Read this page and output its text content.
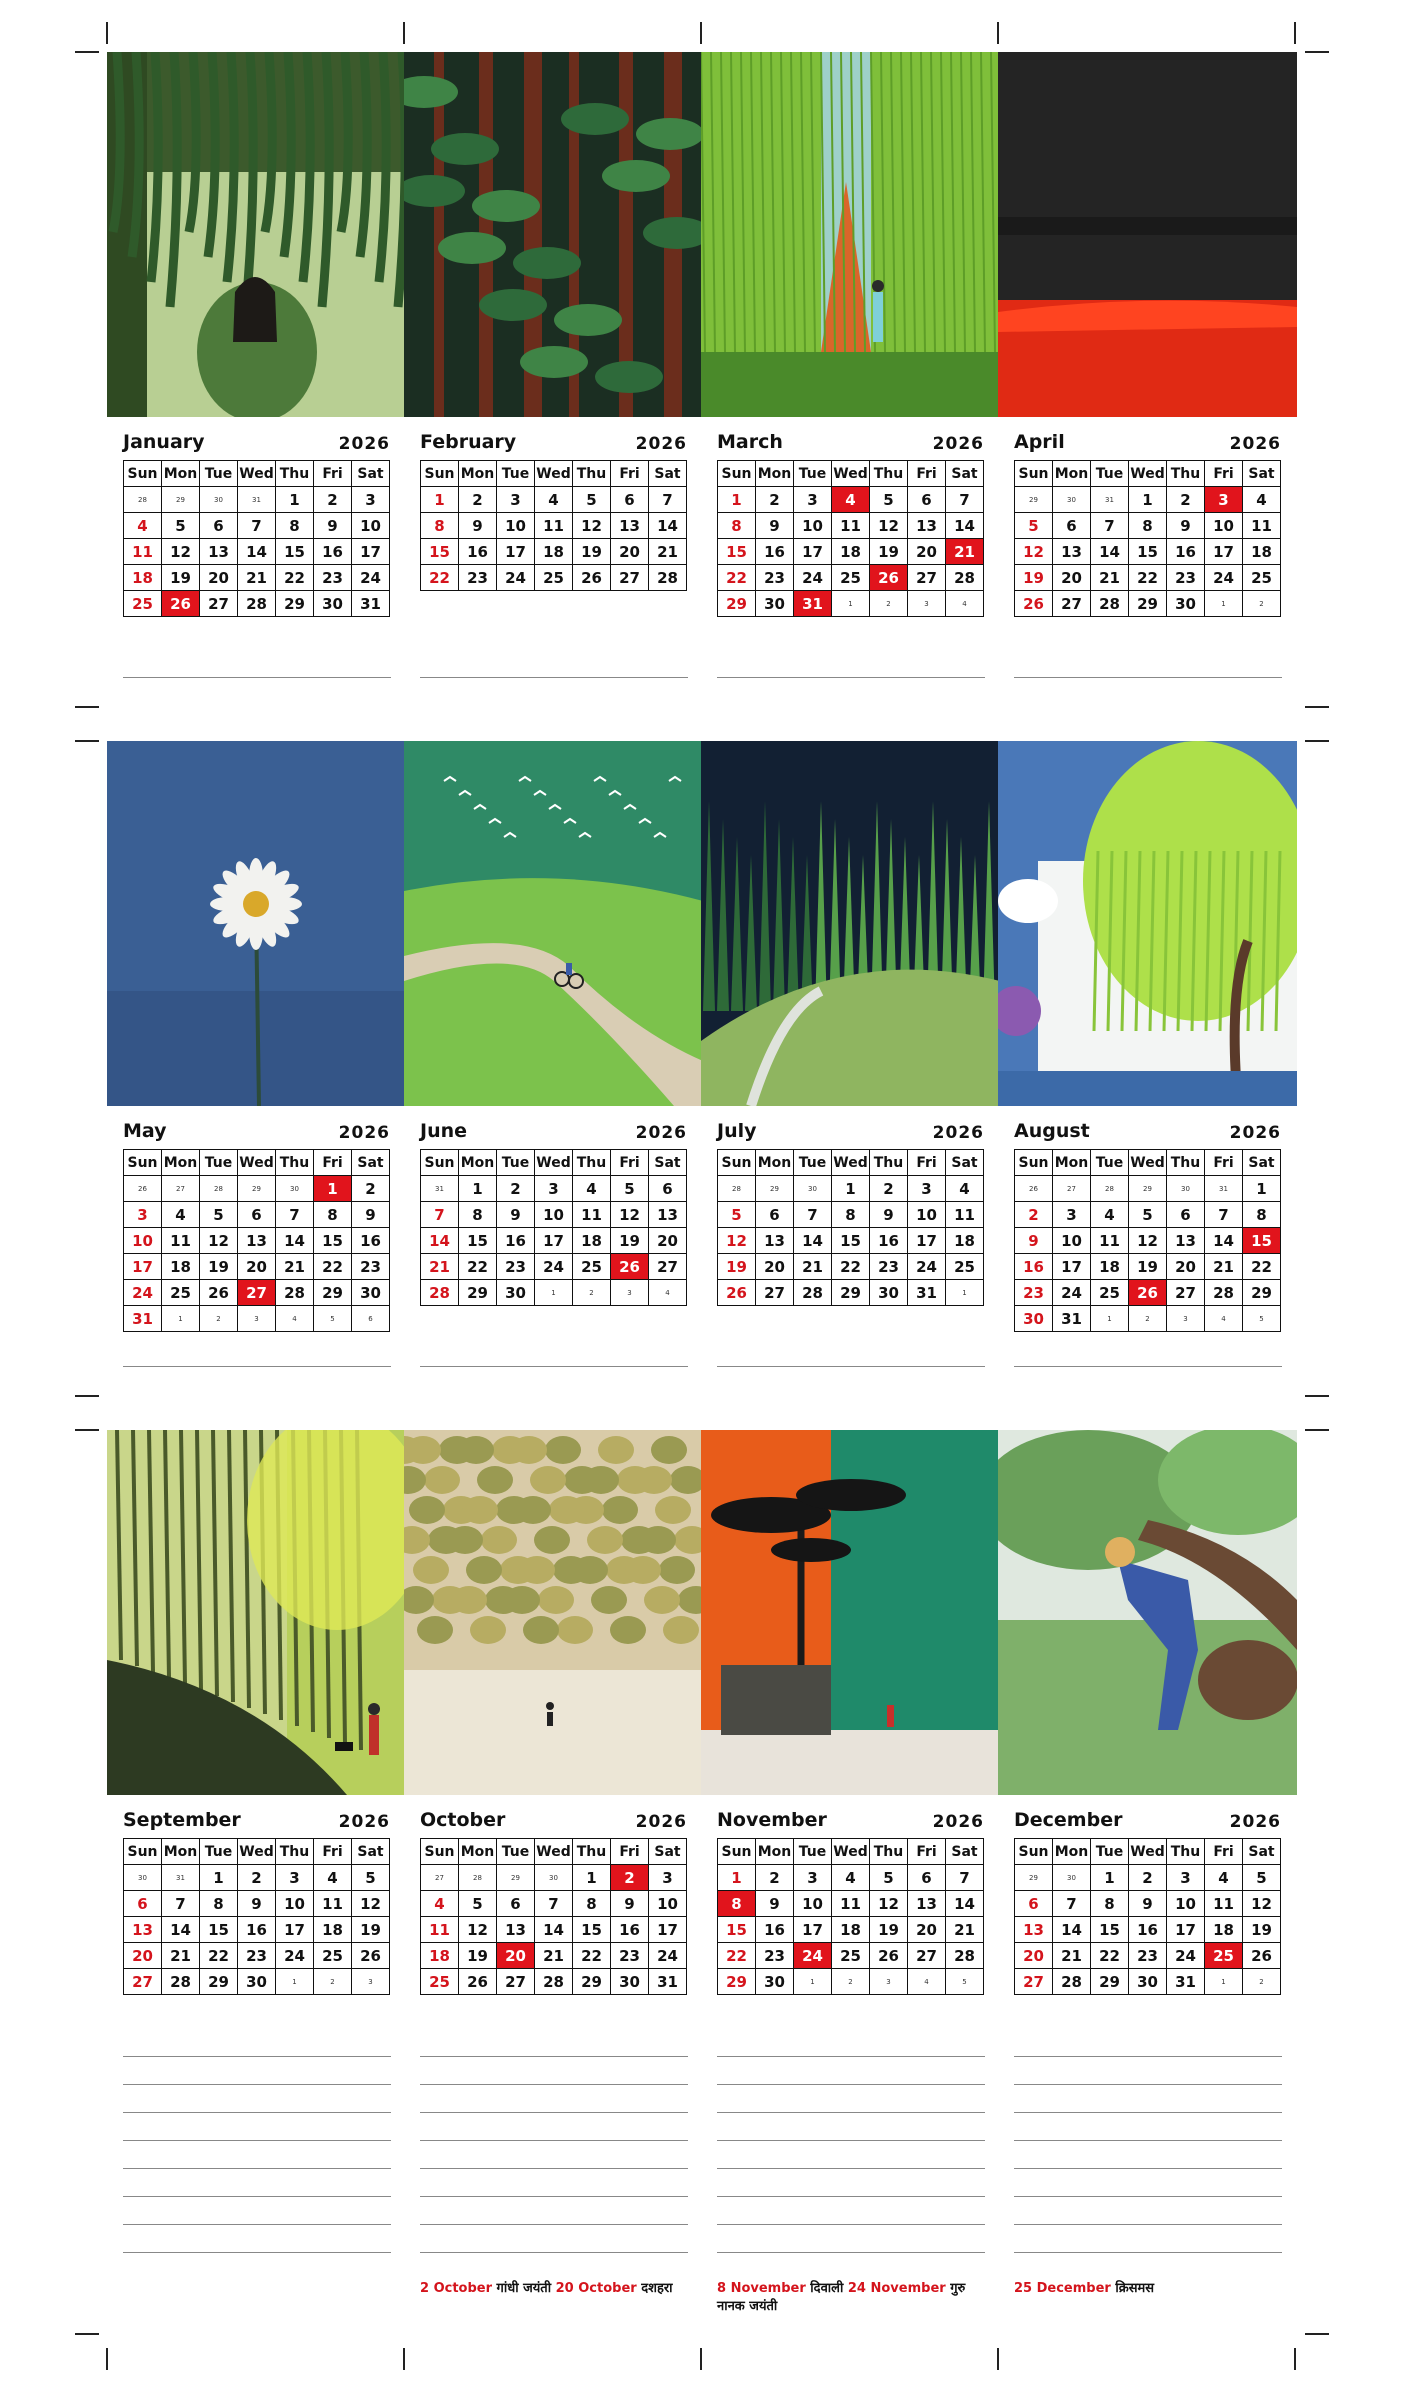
January	2026
Sun	Mon	Tue	Wed	Thu	Fri	Sat
28	29	30	31	1	2	3
4	5	6	7	8	9	10
11	12	13	14	15	16	17
18	19	20	21	22	23	24
25	26	27	28	29	30	31
February	2026
Sun	Mon	Tue	Wed	Thu	Fri	Sat
1	2	3	4	5	6	7
8	9	10	11	12	13	14
15	16	17	18	19	20	21
22	23	24	25	26	27	28
March	2026
Sun	Mon	Tue	Wed	Thu	Fri	Sat
1	2	3	4	5	6	7
8	9	10	11	12	13	14
15	16	17	18	19	20	21
22	23	24	25	26	27	28
29	30	31	1	2	3	4
April	2026
Sun	Mon	Tue	Wed	Thu	Fri	Sat
29	30	31	1	2	3	4
5	6	7	8	9	10	11
12	13	14	15	16	17	18
19	20	21	22	23	24	25
26	27	28	29	30	1	2
May	2026
Sun	Mon	Tue	Wed	Thu	Fri	Sat
26	27	28	29	30	1	2
3	4	5	6	7	8	9
10	11	12	13	14	15	16
17	18	19	20	21	22	23
24	25	26	27	28	29	30
31	1	2	3	4	5	6
June	2026
Sun	Mon	Tue	Wed	Thu	Fri	Sat
31	1	2	3	4	5	6
7	8	9	10	11	12	13
14	15	16	17	18	19	20
21	22	23	24	25	26	27
28	29	30	1	2	3	4
July	2026
Sun	Mon	Tue	Wed	Thu	Fri	Sat
28	29	30	1	2	3	4
5	6	7	8	9	10	11
12	13	14	15	16	17	18
19	20	21	22	23	24	25
26	27	28	29	30	31	1
August	2026
Sun	Mon	Tue	Wed	Thu	Fri	Sat
26	27	28	29	30	31	1
2	3	4	5	6	7	8
9	10	11	12	13	14	15
16	17	18	19	20	21	22
23	24	25	26	27	28	29
30	31	1	2	3	4	5
September	2026
Sun	Mon	Tue	Wed	Thu	Fri	Sat
30	31	1	2	3	4	5
6	7	8	9	10	11	12
13	14	15	16	17	18	19
20	21	22	23	24	25	26
27	28	29	30	1	2	3
October	2026
Sun	Mon	Tue	Wed	Thu	Fri	Sat
27	28	29	30	1	2	3
4	5	6	7	8	9	10
11	12	13	14	15	16	17
18	19	20	21	22	23	24
25	26	27	28	29	30	31
2 October गांधी जयंती 20 October दशहरा
November	2026
Sun	Mon	Tue	Wed	Thu	Fri	Sat
1	2	3	4	5	6	7
8	9	10	11	12	13	14
15	16	17	18	19	20	21
22	23	24	25	26	27	28
29	30	1	2	3	4	5
8 November दिवाली 24 November गुरु नानक जयंती
December	2026
Sun	Mon	Tue	Wed	Thu	Fri	Sat
29	30	1	2	3	4	5
6	7	8	9	10	11	12
13	14	15	16	17	18	19
20	21	22	23	24	25	26
27	28	29	30	31	1	2
25 December क्रिसमस
